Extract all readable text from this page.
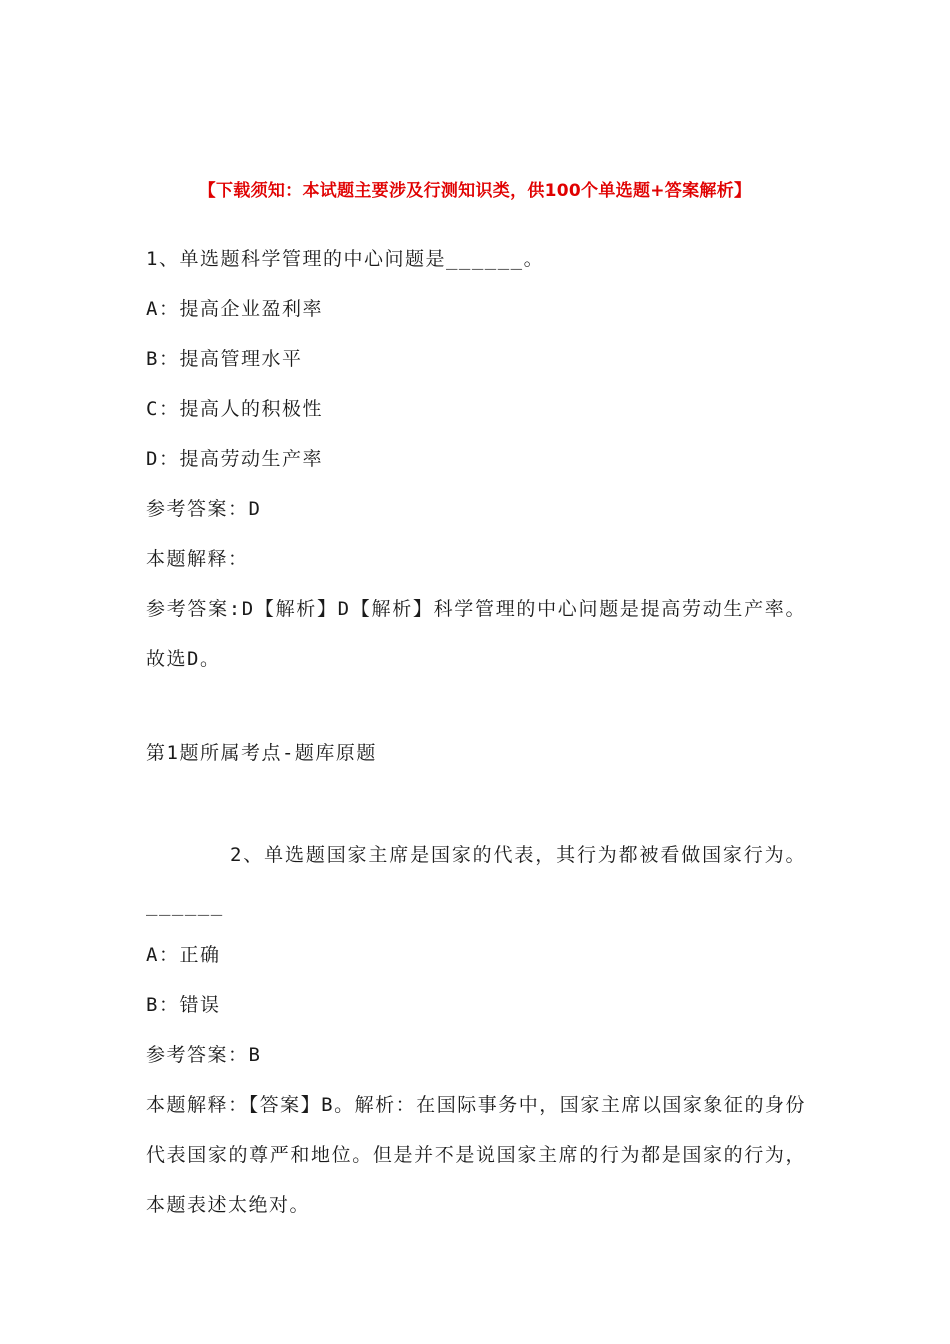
【下载须知：本试题主要涉及行测知识类，供100个单选题+答案解析】
1、单选题科学管理的中心问题是______。
A：提高企业盈利率
B：提高管理水平
C：提高人的积极性
D：提高劳动生产率
参考答案：D
本题解释：
参考答案:D【解析】D【解析】科学管理的中心问题是提高劳动生产率。故选D。
第1题所属考点-题库原题
2、单选题国家主席是国家的代表，其行为都被看做国家行为。______
A：正确
B：错误
参考答案：B
本题解释：【答案】B。解析：在国际事务中，国家主席以国家象征的身份代表国家的尊严和地位。但是并不是说国家主席的行为都是国家的行为，本题表述太绝对。
